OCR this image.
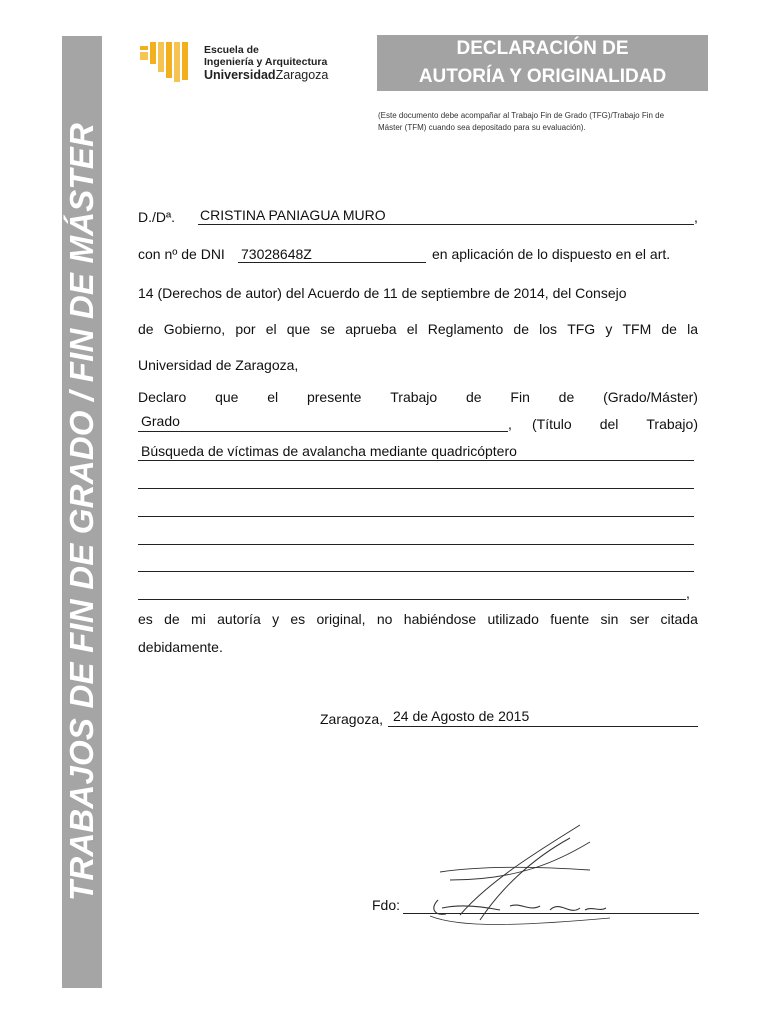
TRABAJOS DE FIN DE GRADO / FIN DE MÁSTER
Escuela de
Ingeniería y Arquitectura
UniversidadZaragoza
DECLARACIÓN DE
AUTORÍA Y ORIGINALIDAD
(Este documento debe acompañar al Trabajo Fin de Grado (TFG)/Trabajo Fin de
Máster (TFM) cuando sea depositado para su evaluación).
D./Dª. CRISTINA PANIAGUA MURO	,
con nº de DNI 73028648Z	en aplicación de lo dispuesto en el art.
14 (Derechos de autor) del Acuerdo de 11 de septiembre de 2014, del Consejo
de Gobierno, por el que se aprueba el Reglamento de los TFG y TFM de la
Universidad de Zaragoza,
Declaro que el presente Trabajo de Fin de (Grado/Máster)
Grado	, (Título del Trabajo)
Búsqueda de víctimas de avalancha mediante quadricóptero
,
es de mi autoría y es original, no habiéndose utilizado fuente sin ser citada
debidamente.
Zaragoza, 24 de Agosto de 2015
Fdo:
